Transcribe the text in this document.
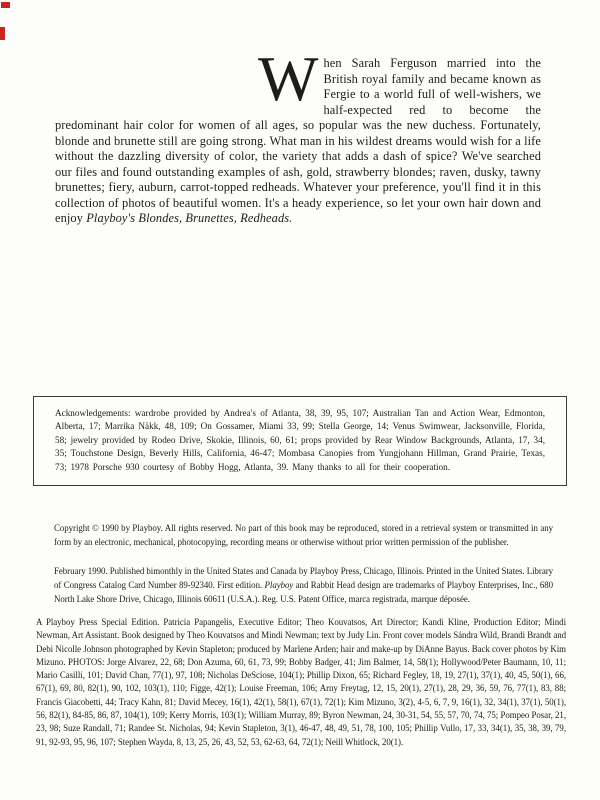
When Sarah Ferguson married into the British royal family and became known as Fergie to a world full of well-wishers, we half-expected red to become the predominant hair color for women of all ages, so popular was the new duchess. Fortunately, blonde and brunette still are going strong. What man in his wildest dreams would wish for a life without the dazzling diversity of color, the variety that adds a dash of spice? We've searched our files and found outstanding examples of ash, gold, strawberry blondes; raven, dusky, tawny brunettes; fiery, auburn, carrot-topped redheads. Whatever your preference, you'll find it in this collection of photos of beautiful women. It's a heady experience, so let your own hair down and enjoy Playboy's Blondes, Brunettes, Redheads.

Acknowledgements: wardrobe provided by Andrea's of Atlanta, 38, 39, 95, 107; Australian Tan and Action Wear, Edmonton, Alberta, 17; Marrika Näkk, 48, 109; On Gossamer, Miami 33, 99; Stella George, 14; Venus Swimwear, Jacksonville, Florida, 58; jewelry provided by Rodeo Drive, Skokie, Illinois, 60, 61; props provided by Rear Window Backgrounds, Atlanta, 17, 34, 35; Touchstone Design, Beverly Hills, California, 46-47; Mombasa Canopies from Yungjohann Hillman, Grand Prairie, Texas, 73; 1978 Porsche 930 courtesy of Bobby Hogg, Atlanta, 39. Many thanks to all for their cooperation.

Copyright © 1990 by Playboy. All rights reserved. No part of this book may be reproduced, stored in a retrieval system or transmitted in any form by an electronic, mechanical, photocopying, recording means or otherwise without prior written permission of the publisher.

February 1990. Published bimonthly in the United States and Canada by Playboy Press, Chicago, Illinois. Printed in the United States. Library of Congress Catalog Card Number 89-92340. First edition. Playboy and Rabbit Head design are trademarks of Playboy Enterprises, Inc., 680 North Lake Shore Drive, Chicago, Illinois 60611 (U.S.A.). Reg. U.S. Patent Office, marca registrada, marque déposée.

A Playboy Press Special Edition. Patricia Papangelis, Executive Editor; Theo Kouvatsos, Art Director; Kandi Kline, Production Editor; Mindi Newman, Art Assistant. Book designed by Theo Kouvatsos and Mindi Newman; text by Judy Lin. Front cover models Sándra Wild, Brandi Brandt and Debi Nicolle Johnson photographed by Kevin Stapleton; produced by Marlene Arden; hair and make-up by DiAnne Bayus. Back cover photos by Kim Mizuno. PHOTOS: Jorge Alvarez, 22, 68; Don Azuma, 60, 61, 73, 99; Bobby Badger, 41; Jim Balmer, 14, 58(1); Hollywood/Peter Baumann, 10, 11; Mario Casilli, 101; David Chan, 77(1), 97, 108; Nicholas DeSciose, 104(1); Phillip Dixon, 65; Richard Fegley, 18, 19, 27(1), 37(1), 40, 45, 50(1), 66, 67(1), 69, 80, 82(1), 90, 102, 103(1), 110; Figge, 42(1); Louise Freeman, 106; Arny Freytag, 12, 15, 20(1), 27(1), 28, 29, 36, 59, 76, 77(1), 83, 88; Francis Giacobetti, 44; Tracy Kahn, 81; David Mecey, 16(1), 42(1), 58(1), 67(1), 72(1); Kim Mizuno, 3(2), 4-5, 6, 7, 9, 16(1), 32, 34(1), 37(1), 50(1), 56, 82(1), 84-85, 86, 87, 104(1), 109; Kerry Morris, 103(1); William Murray, 89; Byron Newman, 24, 30-31, 54, 55, 57, 70, 74, 75; Pompeo Posar, 21, 23, 98; Suze Randall, 71; Randee St. Nicholas, 94; Kevin Stapleton, 3(1), 46-47, 48, 49, 51, 78, 100, 105; Phillip Vullo, 17, 33, 34(1), 35, 38, 39, 79, 91, 92-93, 95, 96, 107; Stephen Wayda, 8, 13, 25, 26, 43, 52, 53, 62-63, 64, 72(1); Neill Whitlock, 20(1).
